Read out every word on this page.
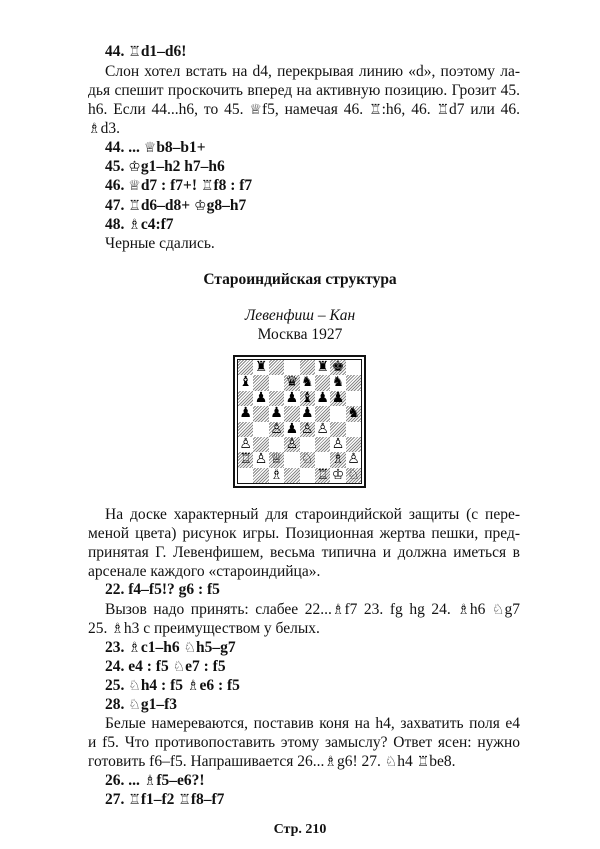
44. ♖d1–d6!
Слон хотел встать на d4, перекрывая линию «d», поэтому ла-
дья спешит проскочить вперед на активную позицию. Грозит 45.
h6. Если 44...h6, то 45. ♕f5, намечая 46. ♖:h6, 46. ♖d7 или 46.
♗d3.
44. ... ♕b8–b1+
45. ♔g1–h2 h7–h6
46. ♕d7 : f7+! ♖f8 : f7
47. ♖d6–d8+ ♔g8–h7
48. ♗c4:f7
Черные сдались.
Староиндийская структура
Левенфиш – Кан
Москва 1927
На доске характерный для староиндийской защиты (с пере-
меной цвета) рисунок игры. Позиционная жертва пешки, пред-
принятая Г. Левенфишем, весьма типична и должна иметься в
арсенале каждого «староиндийца».
22. f4–f5!? g6 : f5
Вызов надо принять: слабее 22...♗f7 23. fg hg 24. ♗h6 ♘g7
25. ♗h3 с преимуществом у белых.
23. ♗c1–h6 ♘h5–g7
24. e4 : f5 ♘e7 : f5
25. ♘h4 : f5 ♗e6 : f5
28. ♘g1–f3
Белые намереваются, поставив коня на h4, захватить поля е4
и f5. Что противопоставить этому замыслу? Ответ ясен: нужно
готовить f6–f5. Напрашивается 26...♗g6! 27. ♘h4 ♖be8.
26. ... ♗f5–e6?!
27. ♖f1–f2 ♖f8–f7
♜	♜ ♚
♝ ♛ ♞ ♞
♟ ♟ ♝ ♟ ♟
♟ ♟ ♟ ♞
♙ ♟ ♙ ♙
♙ ♙ ♙
♖ ♙ ♕ ♘ ♗ ♙
♗ ♖ ♔ ♘
Стр. 210
